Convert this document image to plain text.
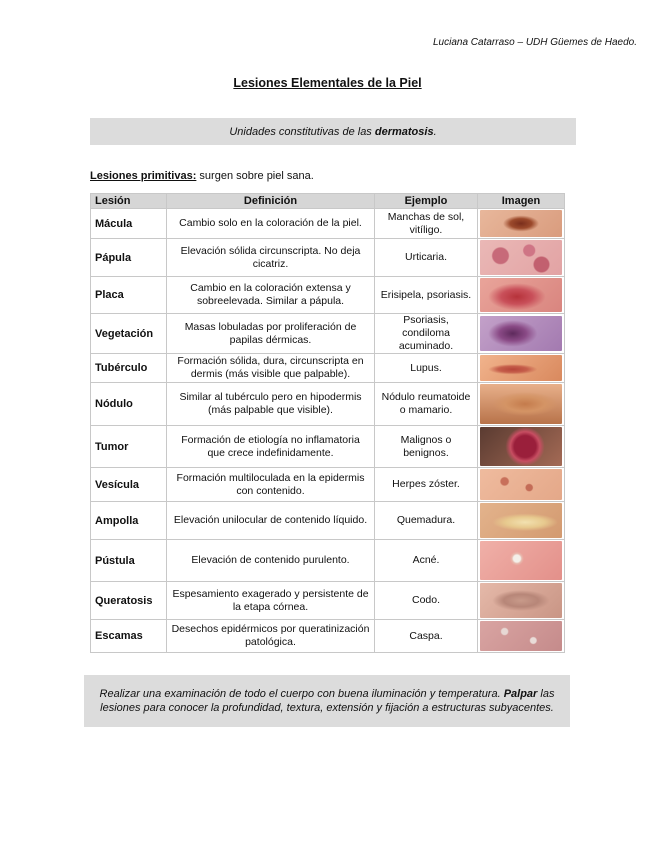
Luciana Catarraso – UDH Güemes de Haedo.
Lesiones Elementales de la Piel
Unidades constitutivas de las dermatosis .
Lesiones primitivas: surgen sobre piel sana.
Lesión	Definición	Ejemplo	Imagen
Mácula	Cambio solo en la coloración de la piel.	Manchas de sol, vitíligo.	

Pápula	Elevación sólida circunscripta. No deja cicatriz.	Urticaria.	

Placa	Cambio en la coloración extensa y sobreelevada. Similar a pápula.	Erisipela, psoriasis.	

Vegetación	Masas lobuladas por proliferación de papilas dérmicas.	Psoriasis, condiloma acuminado.	

Tubérculo	Formación sólida, dura, circunscripta en dermis (más visible que palpable).	Lupus.	

Nódulo	Similar al tubérculo pero en hipodermis (más palpable que visible).	Nódulo reumatoide o mamario.	

Tumor	Formación de etiología no inflamatoria que crece indefinidamente.	Malignos o benignos.	

Vesícula	Formación multiloculada en la epidermis con contenido.	Herpes zóster.	

Ampolla	Elevación unilocular de contenido líquido.	Quemadura.	

Pústula	Elevación de contenido purulento.	Acné.	

Queratosis	Espesamiento exagerado y persistente de la etapa córnea.	Codo.	

Escamas	Desechos epidérmicos por queratinización patológica.	Caspa.	
Realizar una examinación de todo el cuerpo con buena iluminación y temperatura. Palpar las lesiones para conocer la profundidad, textura, extensión y fijación a estructuras subyacentes.
